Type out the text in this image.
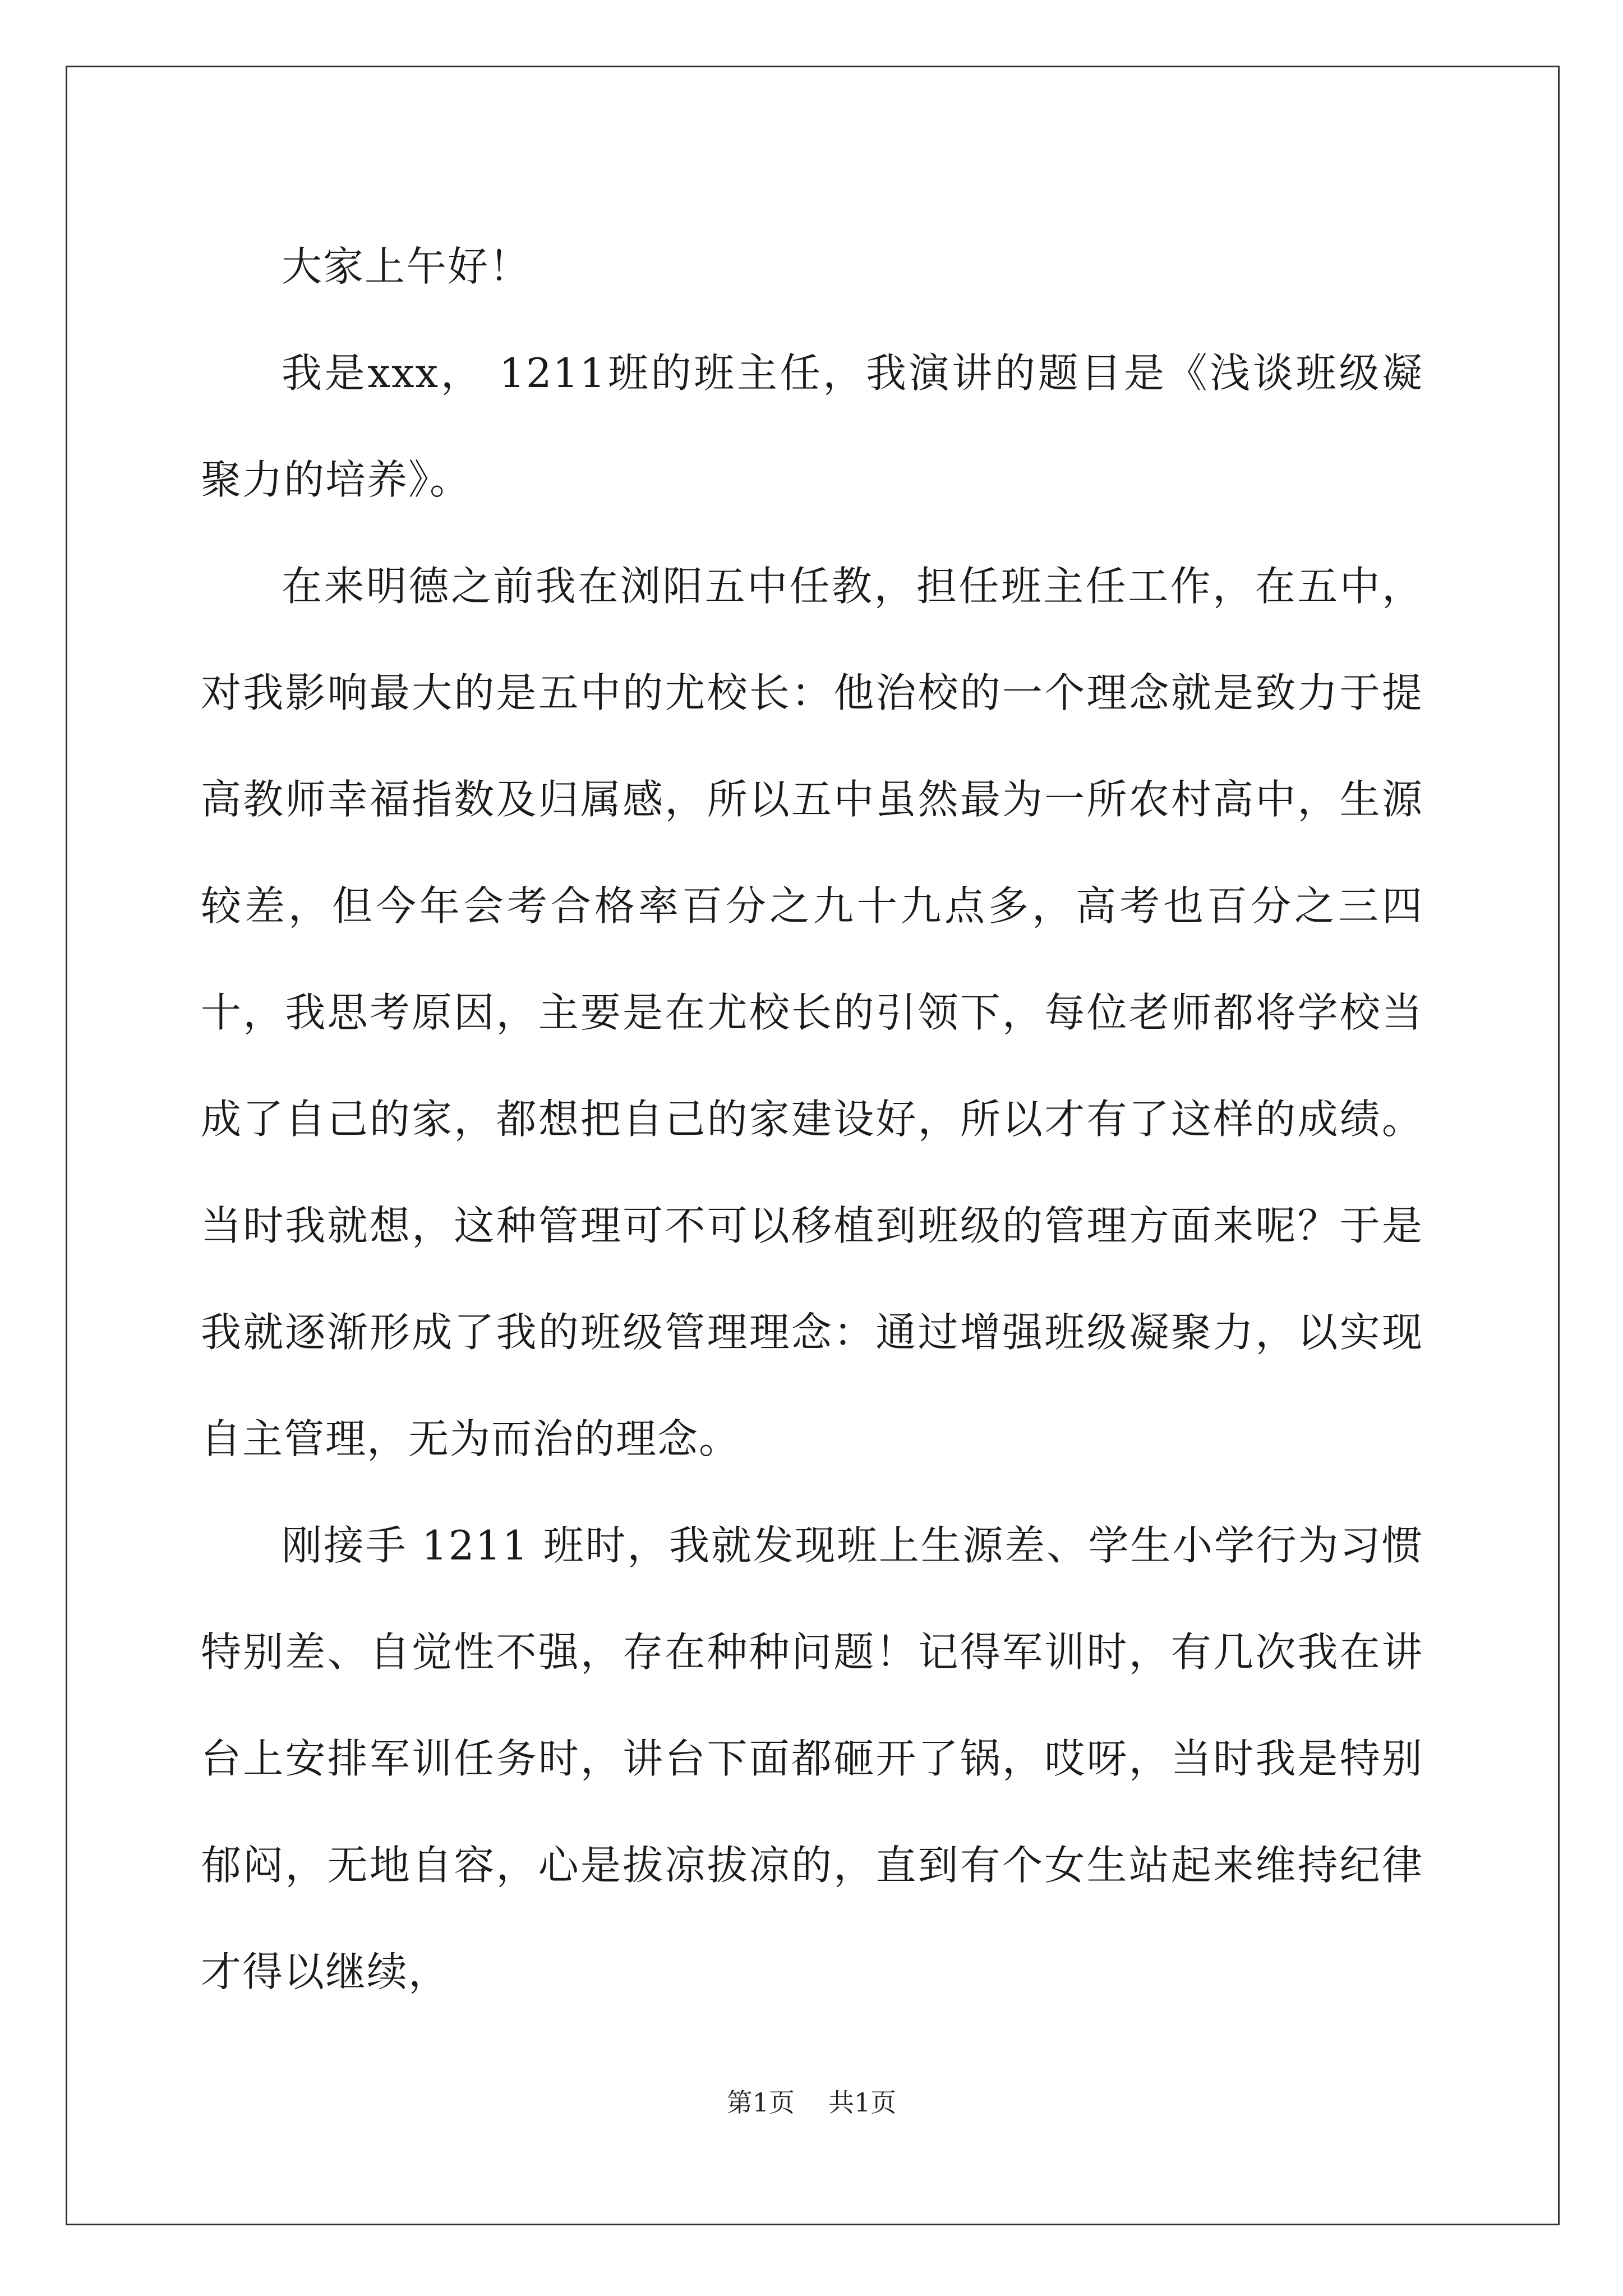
大家上午好！

我是xxx， 1211班的班主任，我演讲的题目是《浅谈班级凝聚力的培养》。

在来明德之前我在浏阳五中任教，担任班主任工作，在五中，对我影响最大的是五中的尤校长：他治校的一个理念就是致力于提高教师幸福指数及归属感，所以五中虽然最为一所农村高中，生源较差，但今年会考合格率百分之九十九点多，高考也百分之三四十，我思考原因，主要是在尤校长的引领下，每位老师都将学校当成了自己的家，都想把自己的家建设好，所以才有了这样的成绩。当时我就想，这种管理可不可以移植到班级的管理方面来呢？于是我就逐渐形成了我的班级管理理念：通过增强班级凝聚力，以实现自主管理，无为而治的理念。

刚接手 1211 班时，我就发现班上生源差、学生小学行为习惯特别差、自觉性不强，存在种种问题！记得军训时，有几次我在讲台上安排军训任务时，讲台下面都砸开了锅，哎呀，当时我是特别郁闷，无地自容，心是拔凉拔凉的，直到有个女生站起来维持纪律才得以继续，

第1页 共1页
